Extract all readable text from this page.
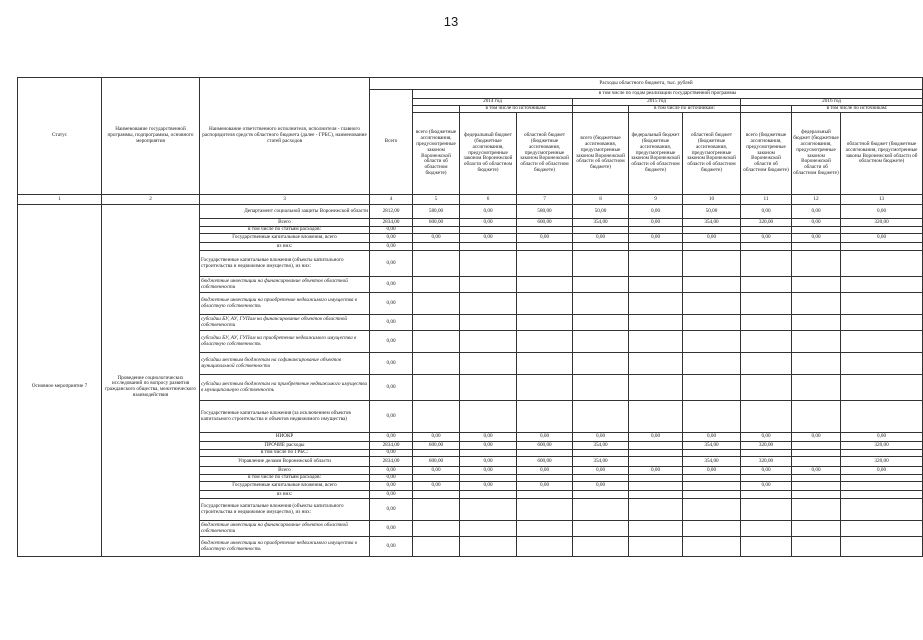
13
Статус	Наименование государственной программы, подпрограммы, основного мероприятия	Наименование ответственного исполнителя, исполнителя - главного распорядителя средств областного бюджета (далее - ГРБС), наименование статей расходов	Расходы областного бюджета, тыс. рублей									
			Всего	в том числе по годам реализации государственной программы								
				2014 год			2015 год			2016 год		
					в том числе по источникам:			в том числе по источникам:			в том числе по источникам:	
				всего (бюджетные ассигнования, предусмотренные законом Воронежской области об областном бюджете)	федеральный бюджет (бюджетные ассигнования, предусмотренные законом Воронежской области об областном бюджете)	областной бюджет (бюджетные ассигнования, предусмотренные законом Воронежской области об областном бюджете)	всего (бюджетные ассигнования, предусмотренные законом Воронежской области об областном бюджете)	федеральный бюджет (бюджетные ассигнования, предусмотренные законом Воронежской области об областном бюджете)	областной бюджет (бюджетные ассигнования, предусмотренные законом Воронежской области об областном бюджете)	всего (бюджетные ассигнования, предусмотренные законом Воронежской области об областном бюджете)	федеральный бюджет (бюджетные ассигнования, предусмотренные законом Воронежской области об областном бюджете)	областной бюджет (бюджетные ассигнования, предусмотренные законы Воронежской области об областном бюджете)
1	2	3	4	5	6	7	8	9	10	11	12	13
		Департамент социальной защиты Воронежской области	2812,00	580,00	0,00	580,00	50,00	0,00	50,00	0,00	0,00	0,00
Основное мероприятие 7	Проведение социологических исследований по вопросу развития гражданского общества, межэтнического взаимодействия	Всего	2834,00	600,00	0,00	600,00	354,00	0,00	354,00	320,00	0,00	320,00
		в том числе по статьям расходов:	0,00									
		Государственные капитальные вложения, всего	0,00	0,00	0,00	0,00	0,00	0,00	0,00	0,00	0,00	0,00
		из них:	0,00									
		Государственные капитальные вложения (объекты капитального строительства и недвижимое имущество), из них:	0,00									
		бюджетные инвестиции на финансирование объектов областной собственности	0,00									
		бюджетные инвестиции на приобретение недвижимого имущества в областную собственность	0,00									
		субсидии БУ, АУ, ГУПам на финансирование объектов областной собственности	0,00									
		субсидии БУ, АУ, ГУПам на приобретение недвижимого имущества в областную собственность	0,00									
		субсидии местным бюджетам на софинансирование объектов муниципальной собственности	0,00									
		субсидии местным бюджетам на приобретение недвижимого имущества в муниципальную собственность	0,00									
		Государственные капитальные вложения (за исключением объектов капитального строительства и объектов недвижимого имущества)	0,00									
		НИОКР	0,00	0,00	0,00	0,00	0,00	0,00	0,00	0,00	0,00	0,00
		ПРОЧИЕ расходы	2834,00	600,00	0,00	600,00	354,00		354,00	320,00		320,00
		в том числе по ГРБС:	0,00									
		Управление делами Воронежской области	2834,00	600,00	0,00	600,00	354,00		354,00	320,00		320,00
		Всего	0,00	0,00	0,00	0,00	0,00	0,00	0,00	0,00	0,00	0,00
		в том числе по статьям расходов:	0,00									
		Государственные капитальные вложения, всего	0,00	0,00	0,00	0,00	0,00			0,00		
		из них:	0,00									
		Государственные капитальные вложения (объекты капитального строительства и недвижимое имущество), из них:	0,00									
		бюджетные инвестиции на финансирование объектов областной собственности	0,00									
		бюджетные инвестиции на приобретение недвижимого имущества в областную собственность	0,00									
